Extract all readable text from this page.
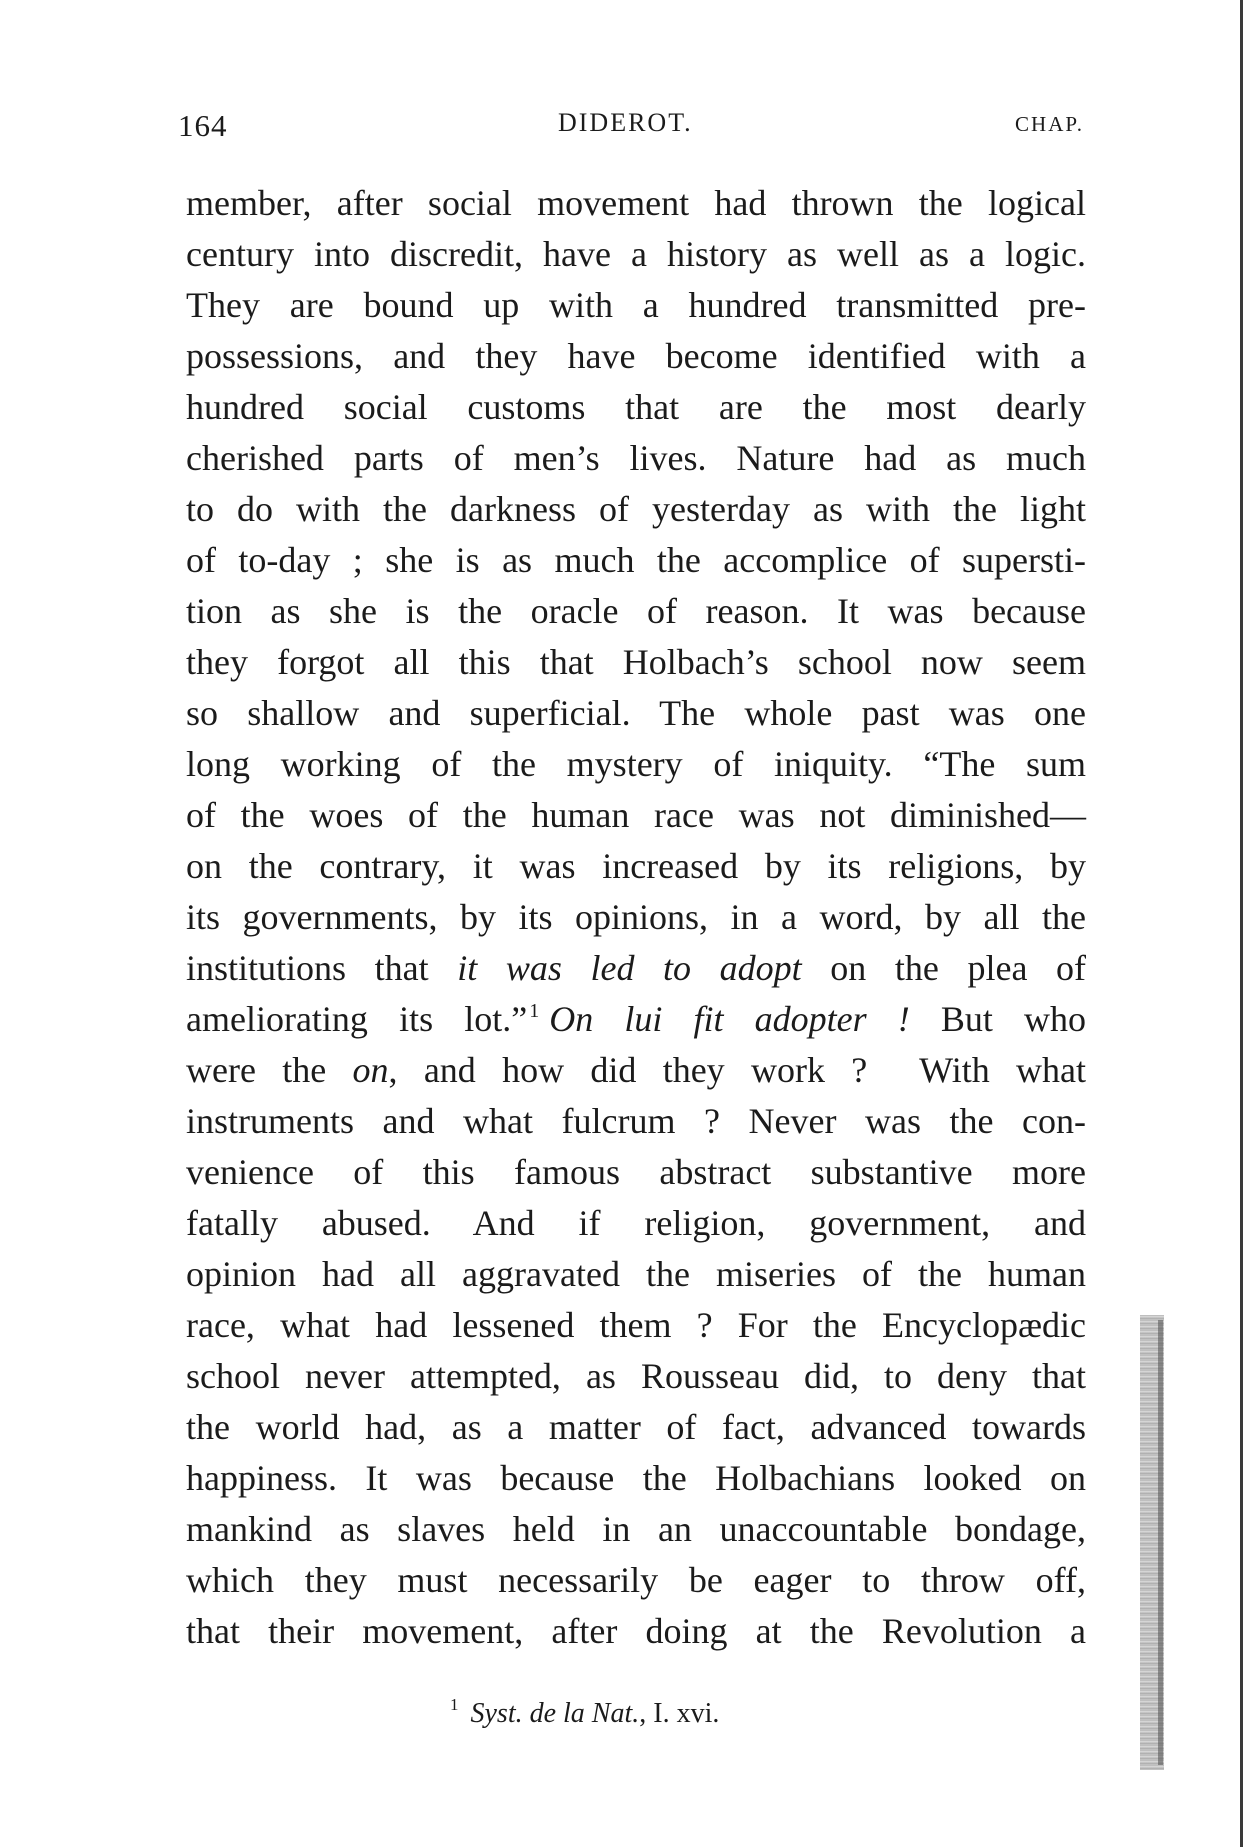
164	DIDEROT.	CHAP.
member, after social movement had thrown the logical
century into discredit, have a history as well as a logic.
They are bound up with a hundred transmitted pre-
possessions, and they have become identified with a
hundred social customs that are the most dearly
cherished parts of men’s lives. Nature had as much
to do with the darkness of yesterday as with the light
of to-day ; she is as much the accomplice of supersti-
tion as she is the oracle of reason. It was because
they forgot all this that Holbach’s school now seem
so shallow and superficial. The whole past was one
long working of the mystery of iniquity. “The sum
of the woes of the human race was not diminished—
on the contrary, it was increased by its religions, by
its governments, by its opinions, in a word, by all the
institutions that it was led to adopt on the plea of
ameliorating its lot.” $^1$ On lui fit adopter ! But who
were the on, and how did they work ?  With what
instruments and what fulcrum ? Never was the con-
venience of this famous abstract substantive more
fatally abused. And if religion, government, and
opinion had all aggravated the miseries of the human
race, what had lessened them ? For the Encyclopædic
school never attempted, as Rousseau did, to deny that
the world had, as a matter of fact, advanced towards
happiness. It was because the Holbachians looked on
mankind as slaves held in an unaccountable bondage,
which they must necessarily be eager to throw off,
that their movement, after doing at the Revolution a
$^1$ Syst. de la Nat., I. xvi.
